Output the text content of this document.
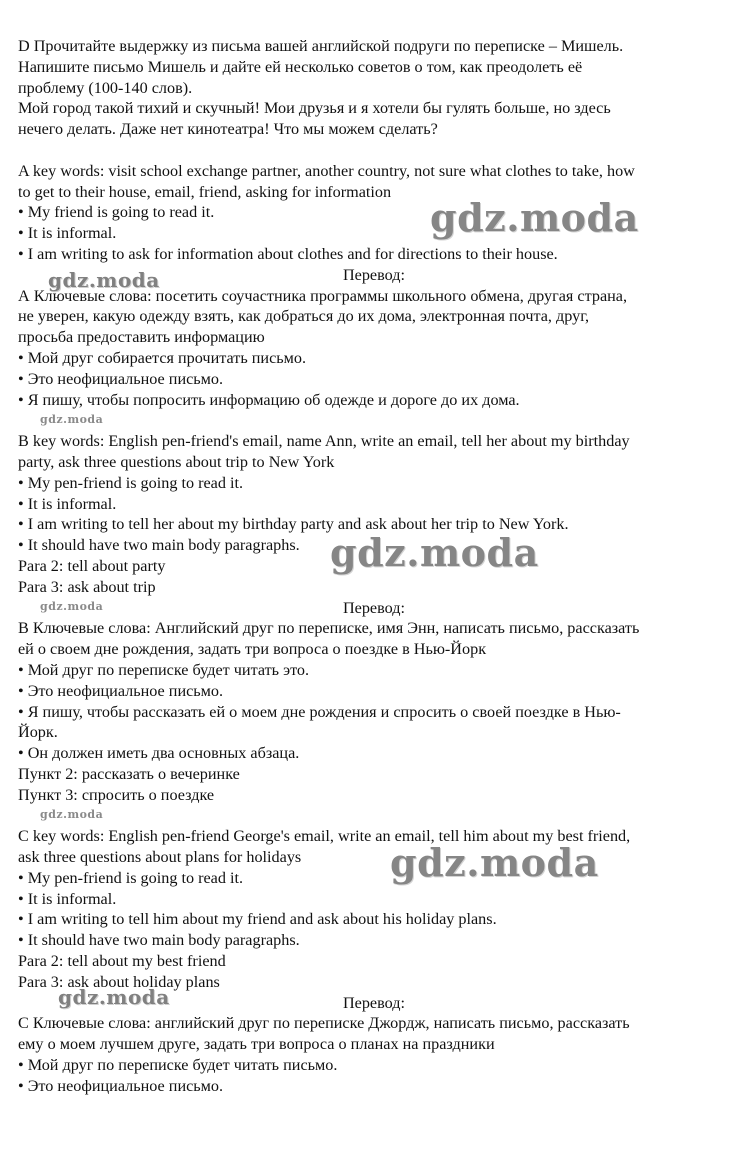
D Прочитайте выдержку из письма вашей английской подруги по переписке – Мишель.
Напишите письмо Мишель и дайте ей несколько советов о том, как преодолеть её
проблему (100-140 слов).
Мой город такой тихий и скучный! Мои друзья и я хотели бы гулять больше, но здесь
нечего делать. Даже нет кинотеатра! Что мы можем сделать?
A key words: visit school exchange partner, another country, not sure what clothes to take, how
to get to their house, email, friend, asking for information
• My friend is going to read it.
• It is informal.
• I am writing to ask for information about clothes and for directions to their house.
Перевод:
А Ключевые слова: посетить соучастника программы школьного обмена, другая страна,
не уверен, какую одежду взять, как добраться до их дома, электронная почта, друг,
просьба предоставить информацию
• Мой друг собирается прочитать письмо.
• Это неофициальное письмо.
• Я пишу, чтобы попросить информацию об одежде и дороге до их дома.
B key words: English pen-friend's email, name Ann, write an email, tell her about my birthday
party, ask three questions about trip to New York
• My pen-friend is going to read it.
• It is informal.
• I am writing to tell her about my birthday party and ask about her trip to New York.
• It should have two main body paragraphs.
Para 2: tell about party
Para 3: ask about trip
Перевод:
В Ключевые слова: Английский друг по переписке, имя Энн, написать письмо, рассказать
ей о своем дне рождения, задать три вопроса о поездке в Нью-Йорк
• Мой друг по переписке будет читать это.
• Это неофициальное письмо.
• Я пишу, чтобы рассказать ей о моем дне рождения и спросить о своей поездке в Нью-
Йорк.
• Он должен иметь два основных абзаца.
Пункт 2: рассказать о вечеринке
Пункт 3: спросить о поездке
C key words: English pen-friend George's email, write an email, tell him about my best friend,
ask three questions about plans for holidays
• My pen-friend is going to read it.
• It is informal.
• I am writing to tell him about my friend and ask about his holiday plans.
• It should have two main body paragraphs.
Para 2: tell about my best friend
Para 3: ask about holiday plans
Перевод:
С Ключевые слова: английский друг по переписке Джордж, написать письмо, рассказать
ему о моем лучшем друге, задать три вопроса о планах на праздники
• Мой друг по переписке будет читать письмо.
• Это неофициальное письмо.
gdz.moda
gdz.moda
gdz.moda
gdz.moda
gdz.moda
gdz.moda
gdz.moda
gdz.moda
